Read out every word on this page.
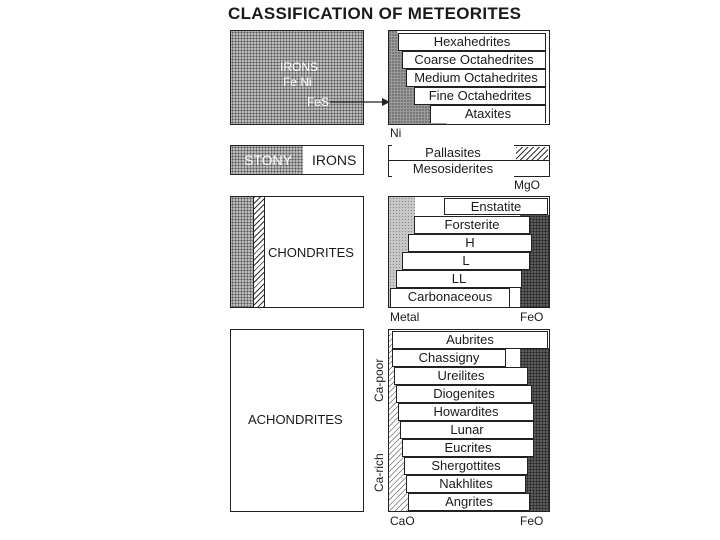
CLASSIFICATION OF METEORITES
IRONS
Fe Ni
FeS
Hexahedrites
Coarse Octahedrites
Medium Octahedrites
Fine Octahedrites
Ataxites
Ni
STONY IRONS	Pallasites
Mesosiderites
MgO
CHONDRITES
Enstatite
Forsterite
H
L
LL
Carbonaceous
Metal	FeO
ACHONDRITES
Ca-poor
Ca-rich
Aubrites
Chassigny
Ureilites
Diogenites
Howardites
Lunar
Eucrites
Shergottites
Nakhlites
Angrites
CaO	FeO
